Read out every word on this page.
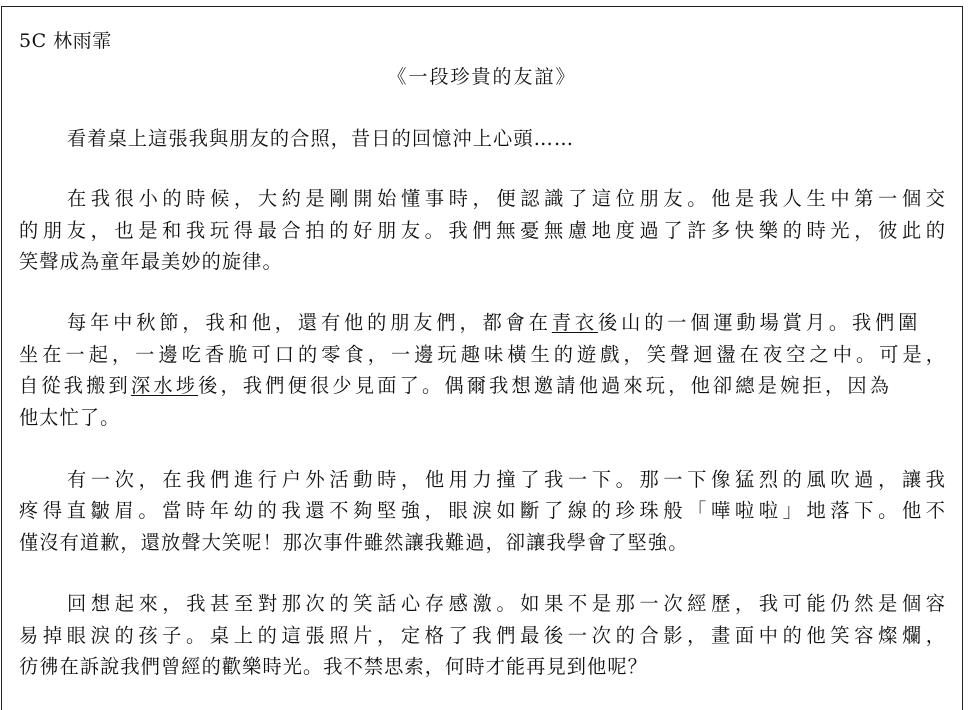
5C 林雨霏
《一段珍貴的友誼》
看着桌上這張我與朋友的合照，昔日的回憶沖上心頭……
在我很小的時候，大約是剛開始懂事時，便認識了這位朋友。他是我人生中第一個交
的朋友，也是和我玩得最合拍的好朋友。我們無憂無慮地度過了許多快樂的時光，彼此的
笑聲成為童年最美妙的旋律。
每年中秋節，我和他，還有他的朋友們，都會在 青衣 後山的一個運動場賞月。我們圍
坐在一起，一邊吃香脆可口的零食，一邊玩趣味橫生的遊戲，笑聲迴盪在夜空之中。可是，
自從我搬到深水埗後，我們便很少見面了。偶爾我想邀請他過來玩，他卻總是婉拒，因為
他太忙了。
有一次，在我們進行户外活動時，他用力撞了我一下。那一下像猛烈的風吹過，讓我
疼得直皺眉。當時年幼的我還不夠堅強，眼淚如斷了線的珍珠般「嘩啦啦」地落下。他不
僅沒有道歉，還放聲大笑呢！那次事件雖然讓我難過，卻讓我學會了堅強。
回想起來，我甚至對那次的笑話心存感激。如果不是那一次經歷，我可能仍然是個容
易掉眼淚的孩子。桌上的這張照片，定格了我們最後一次的合影，畫面中的他笑容燦爛，
彷彿在訴說我們曾經的歡樂時光。我不禁思索，何時才能再見到他呢？
